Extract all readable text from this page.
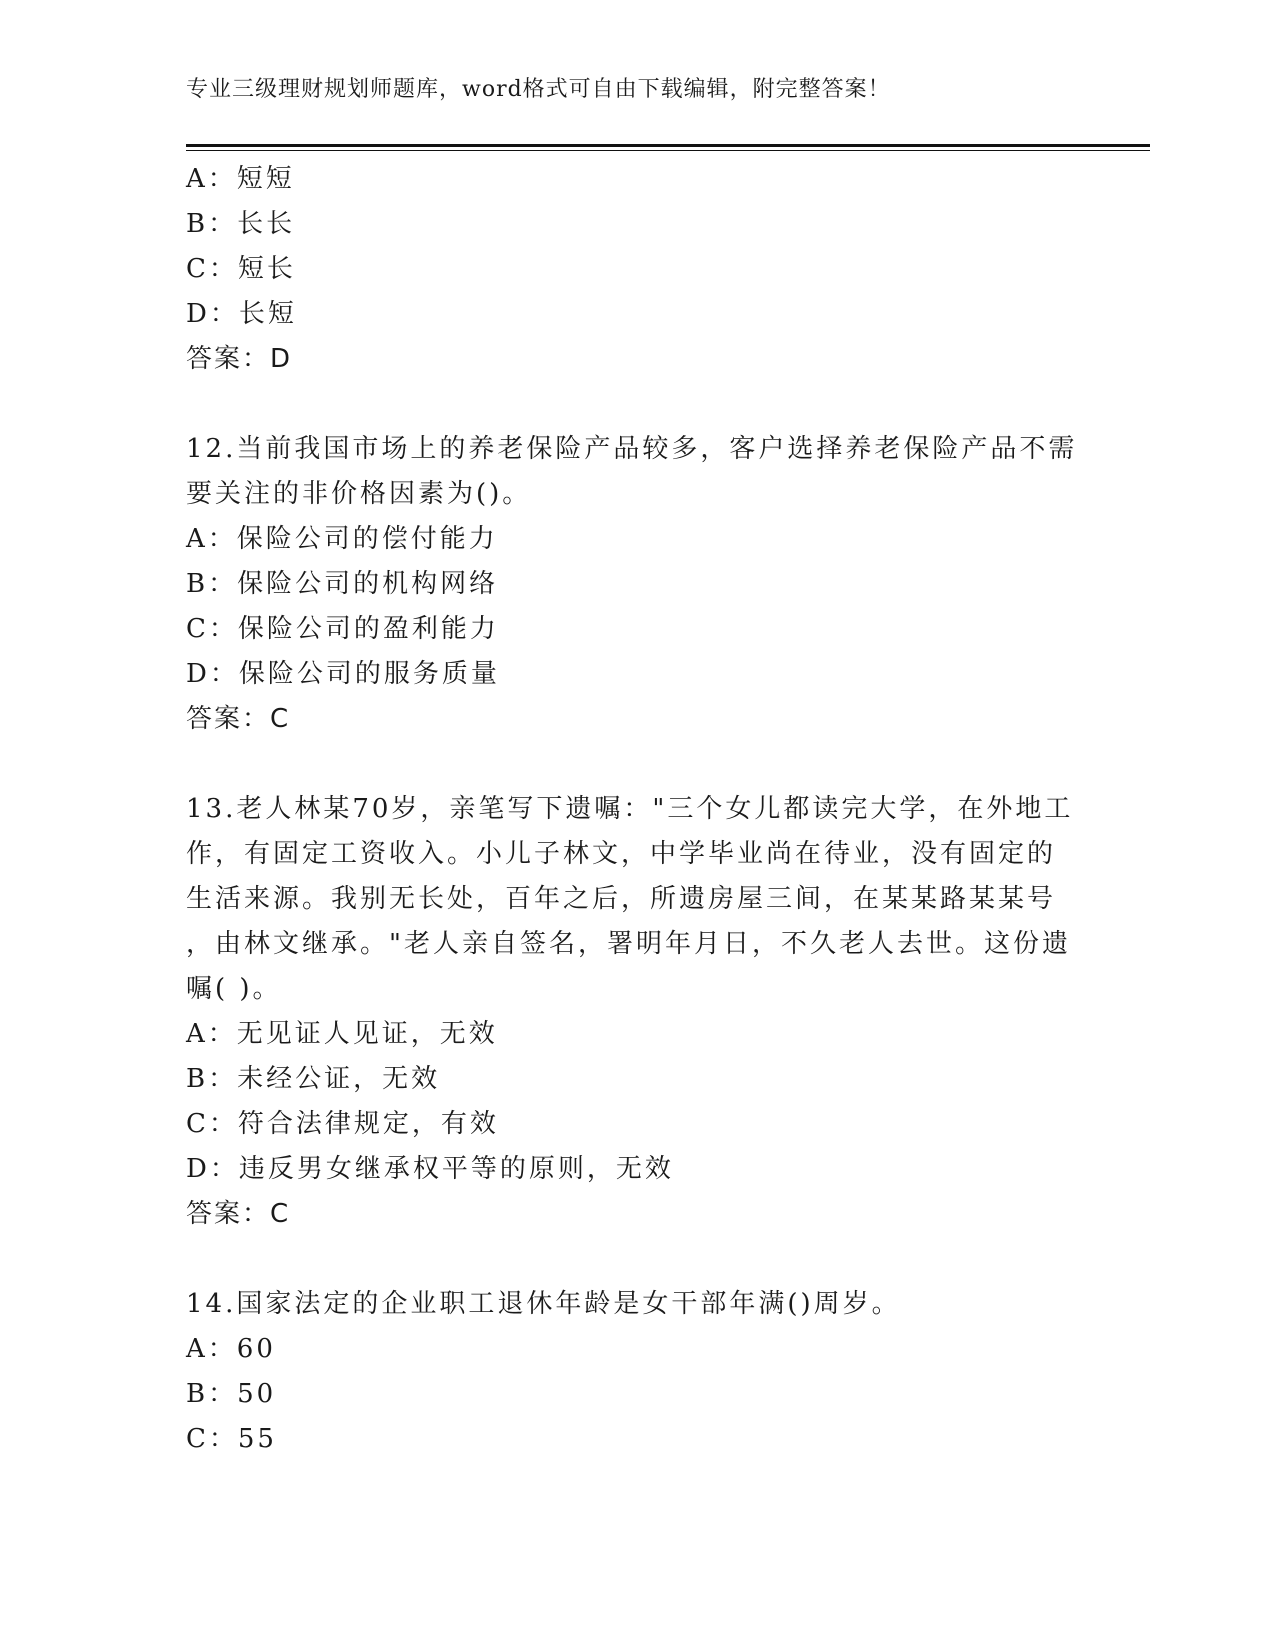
专业三级理财规划师题库，word格式可自由下载编辑，附完整答案！
A：短短
B：长长
C：短长
D：长短
答案：D
12.当前我国市场上的养老保险产品较多，客户选择养老保险产品不需
要关注的非价格因素为()。
A：保险公司的偿付能力
B：保险公司的机构网络
C：保险公司的盈利能力
D：保险公司的服务质量
答案：C
13.老人林某70岁，亲笔写下遗嘱："三个女儿都读完大学，在外地工
作，有固定工资收入。小儿子林文，中学毕业尚在待业，没有固定的
生活来源。我别无长处，百年之后，所遗房屋三间，在某某路某某号
，由林文继承。"老人亲自签名，署明年月日，不久老人去世。这份遗
嘱( )。
A：无见证人见证，无效
B：未经公证，无效
C：符合法律规定，有效
D：违反男女继承权平等的原则，无效
答案：C
14.国家法定的企业职工退休年龄是女干部年满()周岁。
A：60
B：50
C：55
